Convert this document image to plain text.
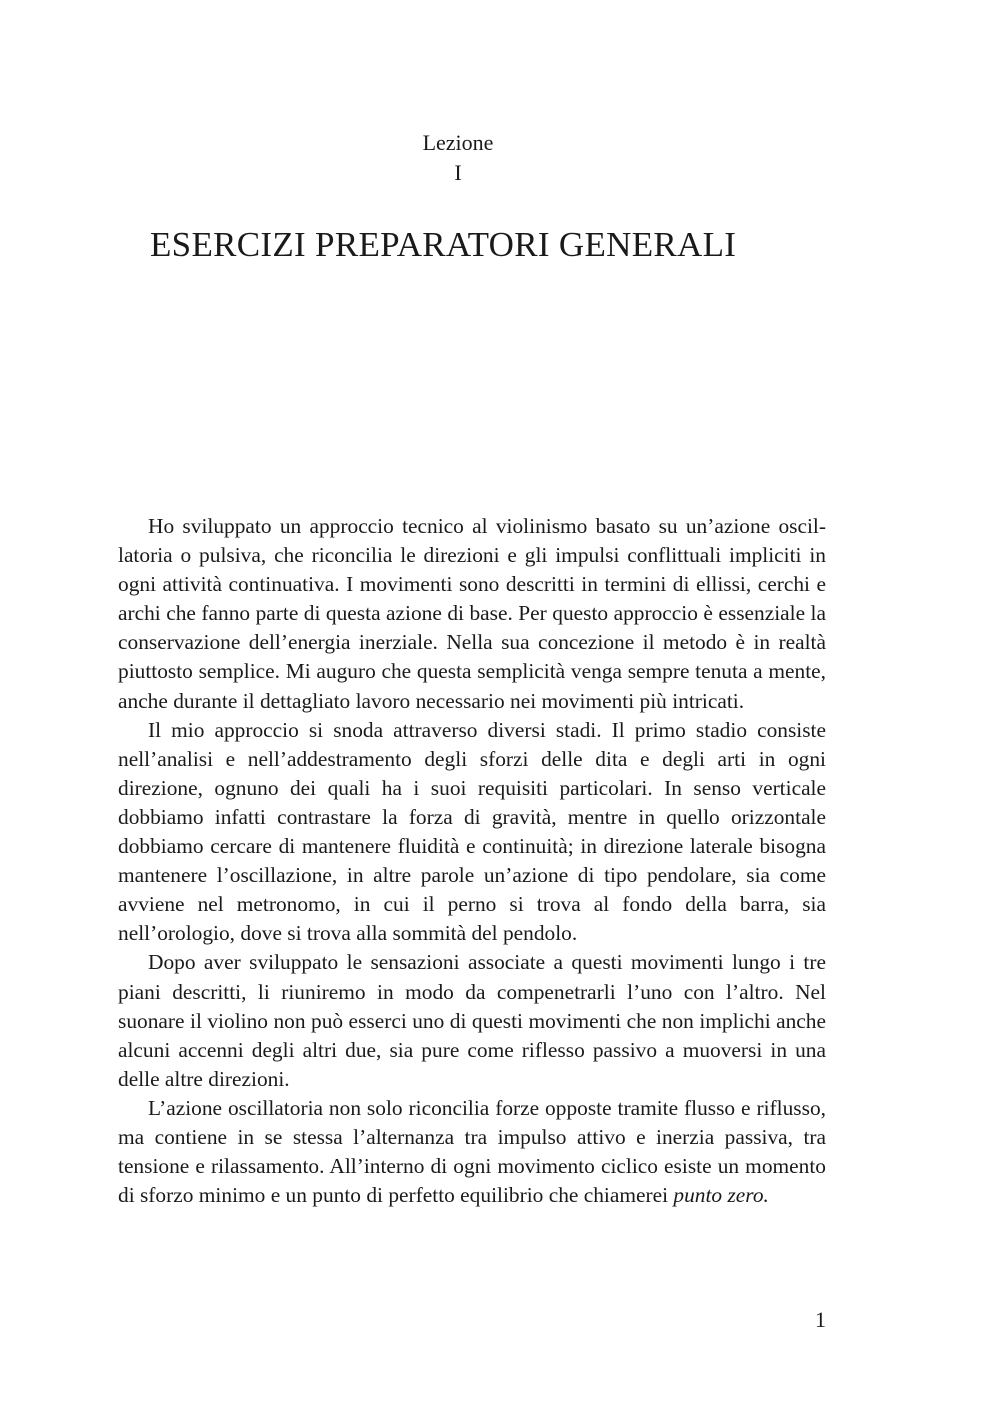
Lezione
I
ESERCIZI PREPARATORI GENERALI

Ho sviluppato un approccio tecnico al violinismo basato su un’azione oscillatoria o pulsiva, che riconcilia le direzioni e gli impulsi conflittuali impliciti in ogni attività continuativa. I movimenti sono descritti in termini di ellissi, cerchi e archi che fanno parte di questa azione di base. Per questo approccio è essenziale la conservazione dell’energia inerziale. Nella sua concezione il metodo è in realtà piuttosto semplice. Mi auguro che questa semplicità venga sempre tenuta a mente, anche durante il dettagliato lavoro necessario nei movimenti più intricati.

Il mio approccio si snoda attraverso diversi stadi. Il primo stadio consiste nell’analisi e nell’addestramento degli sforzi delle dita e degli arti in ogni direzione, ognuno dei quali ha i suoi requisiti particolari. In senso verticale dobbiamo infatti contrastare la forza di gravità, mentre in quello orizzontale dobbiamo cercare di mantenere fluidità e continuità; in direzione laterale bisogna mantenere l’oscillazione, in altre parole un’azione di tipo pendolare, sia come avviene nel metronomo, in cui il perno si trova al fondo della barra, sia nell’orologio, dove si trova alla sommità del pendolo.

Dopo aver sviluppato le sensazioni associate a questi movimenti lungo i tre piani descritti, li riuniremo in modo da compenetrarli l’uno con l’altro. Nel suonare il violino non può esserci uno di questi movimenti che non implichi anche alcuni accenni degli altri due, sia pure come riflesso passivo a muoversi in una delle altre direzioni.

L’azione oscillatoria non solo riconcilia forze opposte tramite flusso e riflusso, ma contiene in se stessa l’alternanza tra impulso attivo e inerzia passiva, tra tensione e rilassamento. All’interno di ogni movimento ciclico esiste un momento di sforzo minimo e un punto di perfetto equilibrio che chiamerei punto zero.

1
